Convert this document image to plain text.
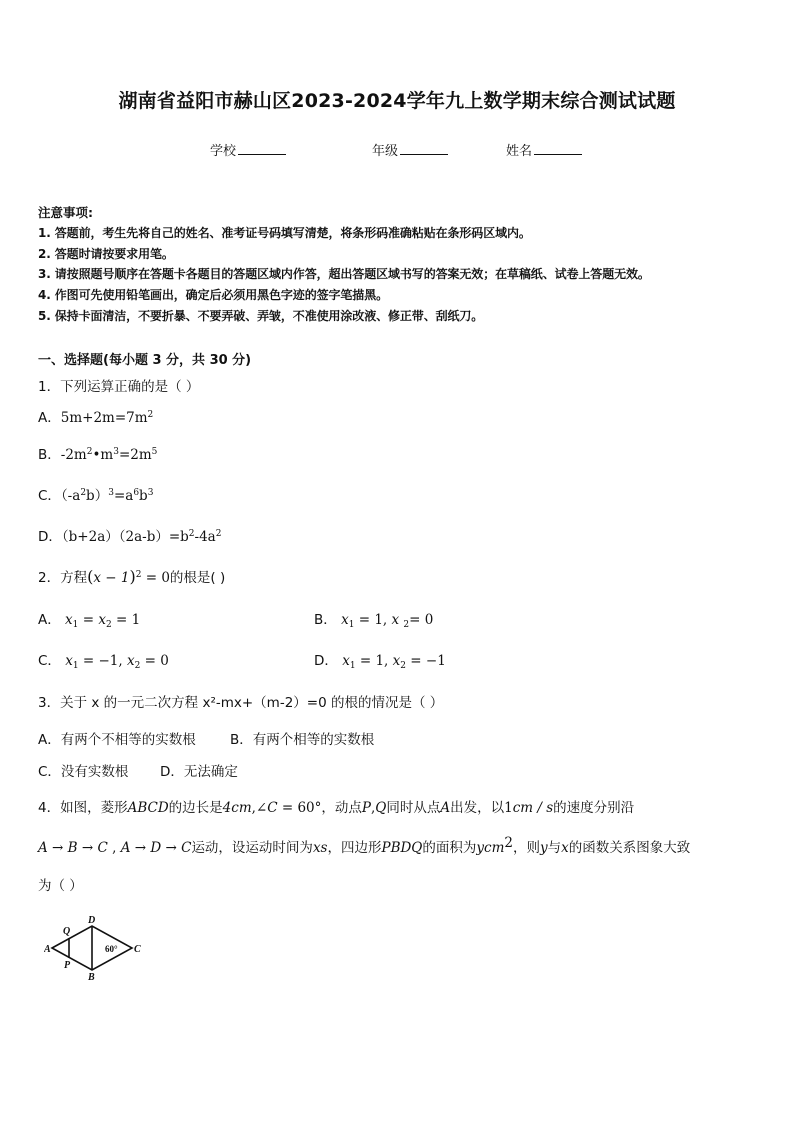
湖南省益阳市赫山区2023-2024学年九上数学期末综合测试试题
学校	年级	姓名
注意事项:
1. 答题前，考生先将自己的姓名、准考证号码填写清楚，将条形码准确粘贴在条形码区域内。
2. 答题时请按要求用笔。
3. 请按照题号顺序在答题卡各题目的答题区域内作答，超出答题区域书写的答案无效；在草稿纸、试卷上答题无效。
4. 作图可先使用铅笔画出，确定后必须用黑色字迹的签字笔描黑。
5. 保持卡面清洁，不要折暴、不要弄破、弄皱，不准使用涂改液、修正带、刮纸刀。
一、选择题(每小题 3 分，共 30 分)
1．下列运算正确的是（ ）
A．$5m+2m=7m^2$
B．$-2m^2•m^3=2m^5$
C．$(-a^2b)^3=a^6b^3$
D．$(b+2a)(2a-b)=b^2-4a^2$
2．方程$(x - 1)^2 = 0$的根是( )
A． $x_1 = x_2 = 1$	B． $x_1 = 1$, x $_2$= 0
C． $x_1 = -1$, $x_2 = 0$	D． $x_1 = 1$, $x_2 = -1$
3．关于 x 的一元二次方程 x²-mx+（m-2）=0 的根的情况是（ ）
A．有两个不相等的实数根	B．有两个相等的实数根
C．没有实数根 D．无法确定
4．如图，菱形ABCD的边长是4cm,∠C = 60°，动点P,Q同时从点A出发，以1cm / s的速度分别沿
A → B → C , A → D → C运动，设运动时间为xs，四边形PBDQ的面积为ycm$^2$，则y与x的函数关系图象大致
为（ ）
D
Q
A	60° C
P
B
